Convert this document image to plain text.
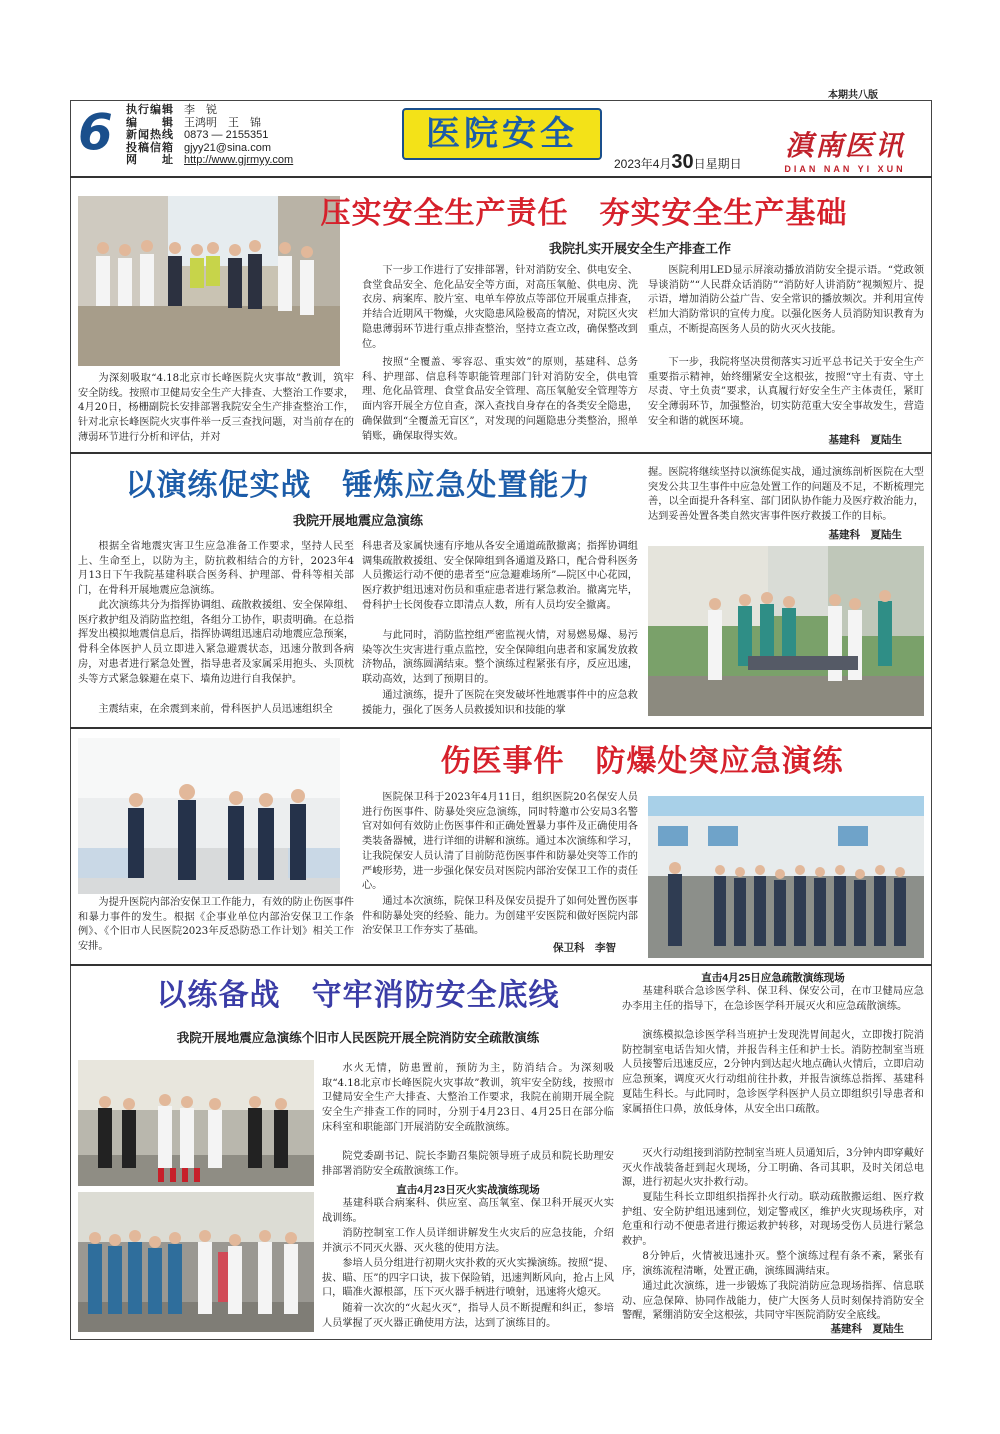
本期共八版
6 执行编辑 李　锐
编　　辑 王鸿明　王　锦
新闻热线 0873 — 2155351
投稿信箱 gjyy21@sina.com
网　　址 http://www.gjrmyy.com
医院安全
2023年4月30日星期日
滇南医讯
DIAN NAN YI XUN
压实安全生产责任　夯实安全生产基础
我院扎实开展安全生产排查工作
为深刻吸取“4.18北京市长峰医院火灾事故”教训，筑牢安全防线。按照市卫健局安全生产大排查、大整治工作要求，4月20日，杨栅副院长安排部署我院安全生产排查整治工作，针对北京长峰医院火灾事件举一反三查找问题，对当前存在的薄弱环节进行分析和评估，并对
下一步工作进行了安排部署，针对消防安全、供电安全、食堂食品安全、危化品安全等方面，对高压氧舱、供电房、洗衣房、病案库、胶片室、电单车停放点等部位开展重点排查，并结合近期风干物燥，火灾隐患风险极高的情况，对院区火灾隐患薄弱环节进行重点排查整治，坚持立查立改，确保整改到位。
按照“全覆盖、零容忍、重实效”的原则，基建科、总务科、护理部、信息科等职能管理部门针对消防安全，供电管理、危化品管理、食堂食品安全管理、高压氧舱安全管理等方面内容开展全方位自查，深入查找自身存在的各类安全隐患，确保做到“全覆盖无盲区”，对发现的问题隐患分类整治，照单销账，确保取得实效。
医院利用LED显示屏滚动播放消防安全提示语。“党政领导谈消防”“人民群众话消防”“消防好人讲消防”视频短片、提示语，增加消防公益广告、安全常识的播放频次。并利用宣传栏加大消防常识的宣传力度。以强化医务人员消防知识教育为重点，不断提高医务人员的防火灭火技能。
下一步，我院将坚决贯彻落实习近平总书记关于安全生产重要指示精神，始终绷紧安全这根弦，按照“守土有责、守土尽责、守土负责”要求，认真履行好安全生产主体责任，紧盯安全薄弱环节，加强整治，切实防范重大安全事故发生，营造安全和谐的就医环境。
基建科　夏陆生
以演练促实战　锤炼应急处置能力
我院开展地震应急演练
根据全省地震灾害卫生应急准备工作要求，坚持人民至上、生命至上，以防为主，防抗救相结合的方针，2023年4月13日下午我院基建科联合医务科、护理部、骨科等相关部门，在骨科开展地震应急演练。
此次演练共分为指挥协调组、疏散救援组、安全保障组、医疗救护组及消防监控组，各组分工协作，职责明确。在总指挥发出模拟地震信息后，指挥协调组迅速启动地震应急预案，骨科全体医护人员立即进入紧急避震状态，迅速分散到各病房，对患者进行紧急处置，指导患者及家属采用抱头、头顶枕头等方式紧急躲避在桌下、墙角边进行自我保护。
主震结束，在余震到来前，骨科医护人员迅速组织全
科患者及家属快速有序地从各安全通道疏散撤离；指挥协调组调集疏散救援组、安全保障组到各通道及路口，配合骨科医务人员搬运行动不便的患者至“应急避难场所”—院区中心花园，医疗救护组迅速对伤员和重症患者进行紧急救治。撤离完毕，骨科护士长闵俊春立即清点人数，所有人员均安全撤离。
与此同时，消防监控组严密监视火情，对易燃易爆、易污染等次生灾害进行重点监控，安全保障组向患者和家属发放救济物品，演练圆满结束。整个演练过程紧张有序，反应迅速，联动高效，达到了预期目的。
通过演练，提升了医院在突发破坏性地震事件中的应急救援能力，强化了医务人员救援知识和技能的掌
握。医院将继续坚持以演练促实战，通过演练剖析医院在大型突发公共卫生事件中应急处置工作的问题及不足，不断梳理完善，以全面提升各科室、部门团队协作能力及医疗救治能力，达到妥善处置各类自然灾害事件医疗救援工作的目标。
基建科　夏陆生
伤医事件　防爆处突应急演练
为提升医院内部治安保卫工作能力，有效的防止伤医事件和暴力事件的发生。根据《企事业单位内部治安保卫工作条例》、《个旧市人民医院2023年反恐防恐工作计划》相关工作安排。
医院保卫科于2023年4月11日，组织医院20名保安人员进行伤医事件、防暴处突应急演练，同时特邀市公安局3名警官对如何有效防止伤医事件和正确处置暴力事件及正确使用各类装备器械，进行详细的讲解和演练。通过本次演练和学习，让我院保安人员认清了目前防范伤医事件和防暴处突等工作的严峻形势，进一步强化保安员对医院内部治安保卫工作的责任心。
通过本次演练，院保卫科及保安员提升了如何处置伤医事件和防暴处突的经验、能力。为创建平安医院和做好医院内部治安保卫工作夯实了基础。
保卫科　李智
以练备战　守牢消防安全底线
我院开展地震应急演练个旧市人民医院开展全院消防安全疏散演练
水火无情，防患置前，预防为主，防消结合。为深刻吸取“4.18北京市长峰医院火灾事故”教训，筑牢安全防线，按照市卫健局安全生产大排查、大整治工作要求，我院在前期开展全院安全生产排查工作的同时，分别于4月23日、4月25日在部分临床科室和职能部门开展消防安全疏散演练。
院党委副书记、院长李勤召集院领导班子成员和院长助理安排部署消防安全疏散演练工作。
直击4月23日灭火实战演练现场
基建科联合病案科、供应室、高压氧室、保卫科开展灭火实战训练。
消防控制室工作人员详细讲解发生火灾后的应急技能，介绍并演示不同灭火器、灭火毯的使用方法。
参培人员分组进行初期火灾扑救的灭火实操演练。按照“提、拔、瞄、压”的四字口诀，拔下保险销，迅速判断风向，抢占上风口，瞄准火源根部，压下灭火器手柄进行喷射，迅速将火熄灭。
随着一次次的“火起火灭”，指导人员不断提醒和纠正，参培人员掌握了灭火器正确使用方法，达到了演练目的。
直击4月25日应急疏散演练现场
基建科联合急诊医学科、保卫科、保安公司，在市卫健局应急办李用主任的指导下，在急诊医学科开展灭火和应急疏散演练。
演练模拟急诊医学科当班护士发现洗胃间起火，立即拨打院消防控制室电话告知火情，并报告科主任和护士长。消防控制室当班人员接警后迅速反应，2分钟内到达起火地点确认火情后，立即启动应急预案，调度灭火行动组前往扑救，并报告演练总指挥、基建科夏陆生科长。与此同时，急诊医学科医护人员立即组织引导患者和家属捂住口鼻，放低身体，从安全出口疏散。
灭火行动组接到消防控制室当班人员通知后，3分钟内即穿戴好灭火作战装备赶到起火现场，分工明确、各司其职，及时关闭总电源，进行初起火灾扑救行动。
夏陆生科长立即组织指挥扑火行动。联动疏散搬运组、医疗救护组、安全防护组迅速到位，划定警戒区，维护火灾现场秩序，对危重和行动不便患者进行搬运救护转移，对现场受伤人员进行紧急救护。
8分钟后，火情被迅速扑灭。整个演练过程有条不紊，紧张有序，演练流程清晰，处置正确，演练圆满结束。
通过此次演练，进一步锻炼了我院消防应急现场指挥、信息联动、应急保障、协同作战能力，使广大医务人员时刻保持消防安全警醒，紧绷消防安全这根弦，共同守牢医院消防安全底线。
基建科　夏陆生
